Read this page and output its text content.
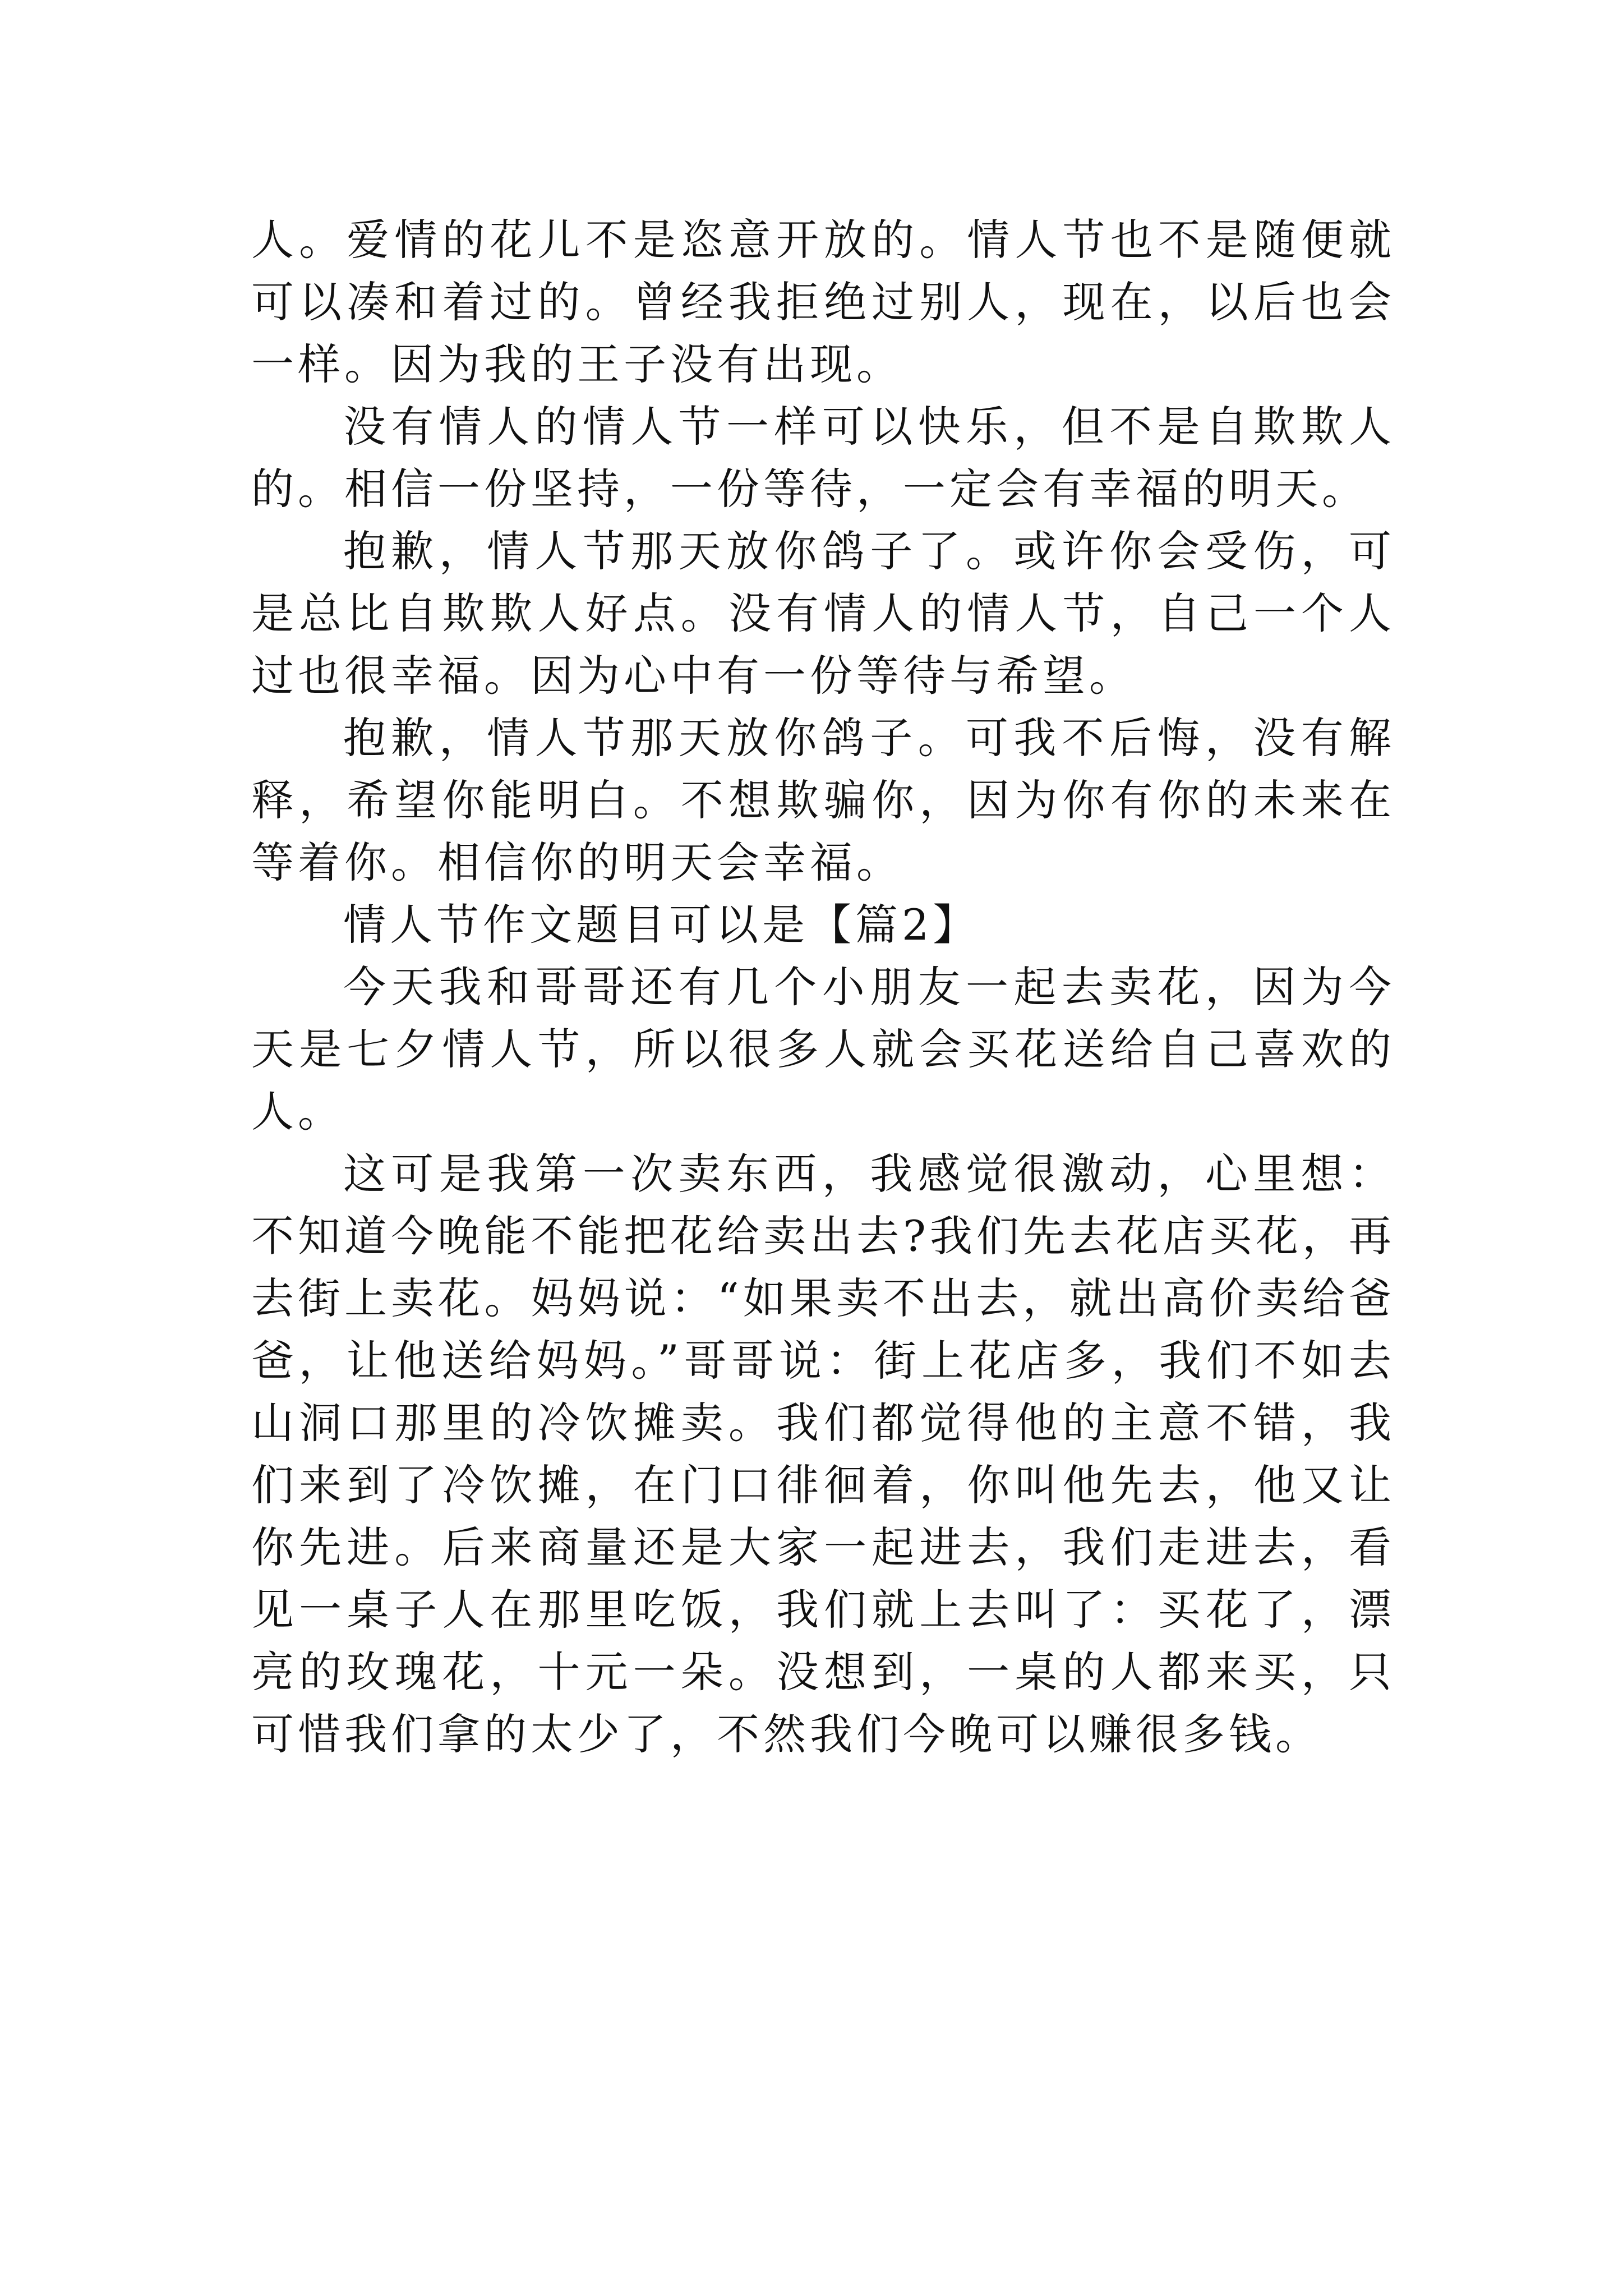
人。爱情的花儿不是恣意开放的。情人节也不是随便就可以凑和着过的。曾经我拒绝过别人，现在，以后也会一样。因为我的王子没有出现。

没有情人的情人节一样可以快乐，但不是自欺欺人的。相信一份坚持，一份等待，一定会有幸福的明天。

抱歉，情人节那天放你鸽子了。或许你会受伤，可是总比自欺欺人好点。没有情人的情人节，自己一个人过也很幸福。因为心中有一份等待与希望。

抱歉，情人节那天放你鸽子。可我不后悔，没有解释，希望你能明白。不想欺骗你，因为你有你的未来在等着你。相信你的明天会幸福。

情人节作文题目可以是【篇2】

今天我和哥哥还有几个小朋友一起去卖花，因为今天是七夕情人节，所以很多人就会买花送给自己喜欢的人。

这可是我第一次卖东西，我感觉很激动，心里想：不知道今晚能不能把花给卖出去?我们先去花店买花，再去街上卖花。妈妈说：“如果卖不出去，就出高价卖给爸爸，让他送给妈妈。”哥哥说：街上花店多，我们不如去山洞口那里的冷饮摊卖。我们都觉得他的主意不错，我们来到了冷饮摊，在门口徘徊着，你叫他先去，他又让你先进。后来商量还是大家一起进去，我们走进去，看见一桌子人在那里吃饭，我们就上去叫了：买花了，漂亮的玫瑰花，十元一朵。没想到，一桌的人都来买，只可惜我们拿的太少了，不然我们今晚可以赚很多钱。
